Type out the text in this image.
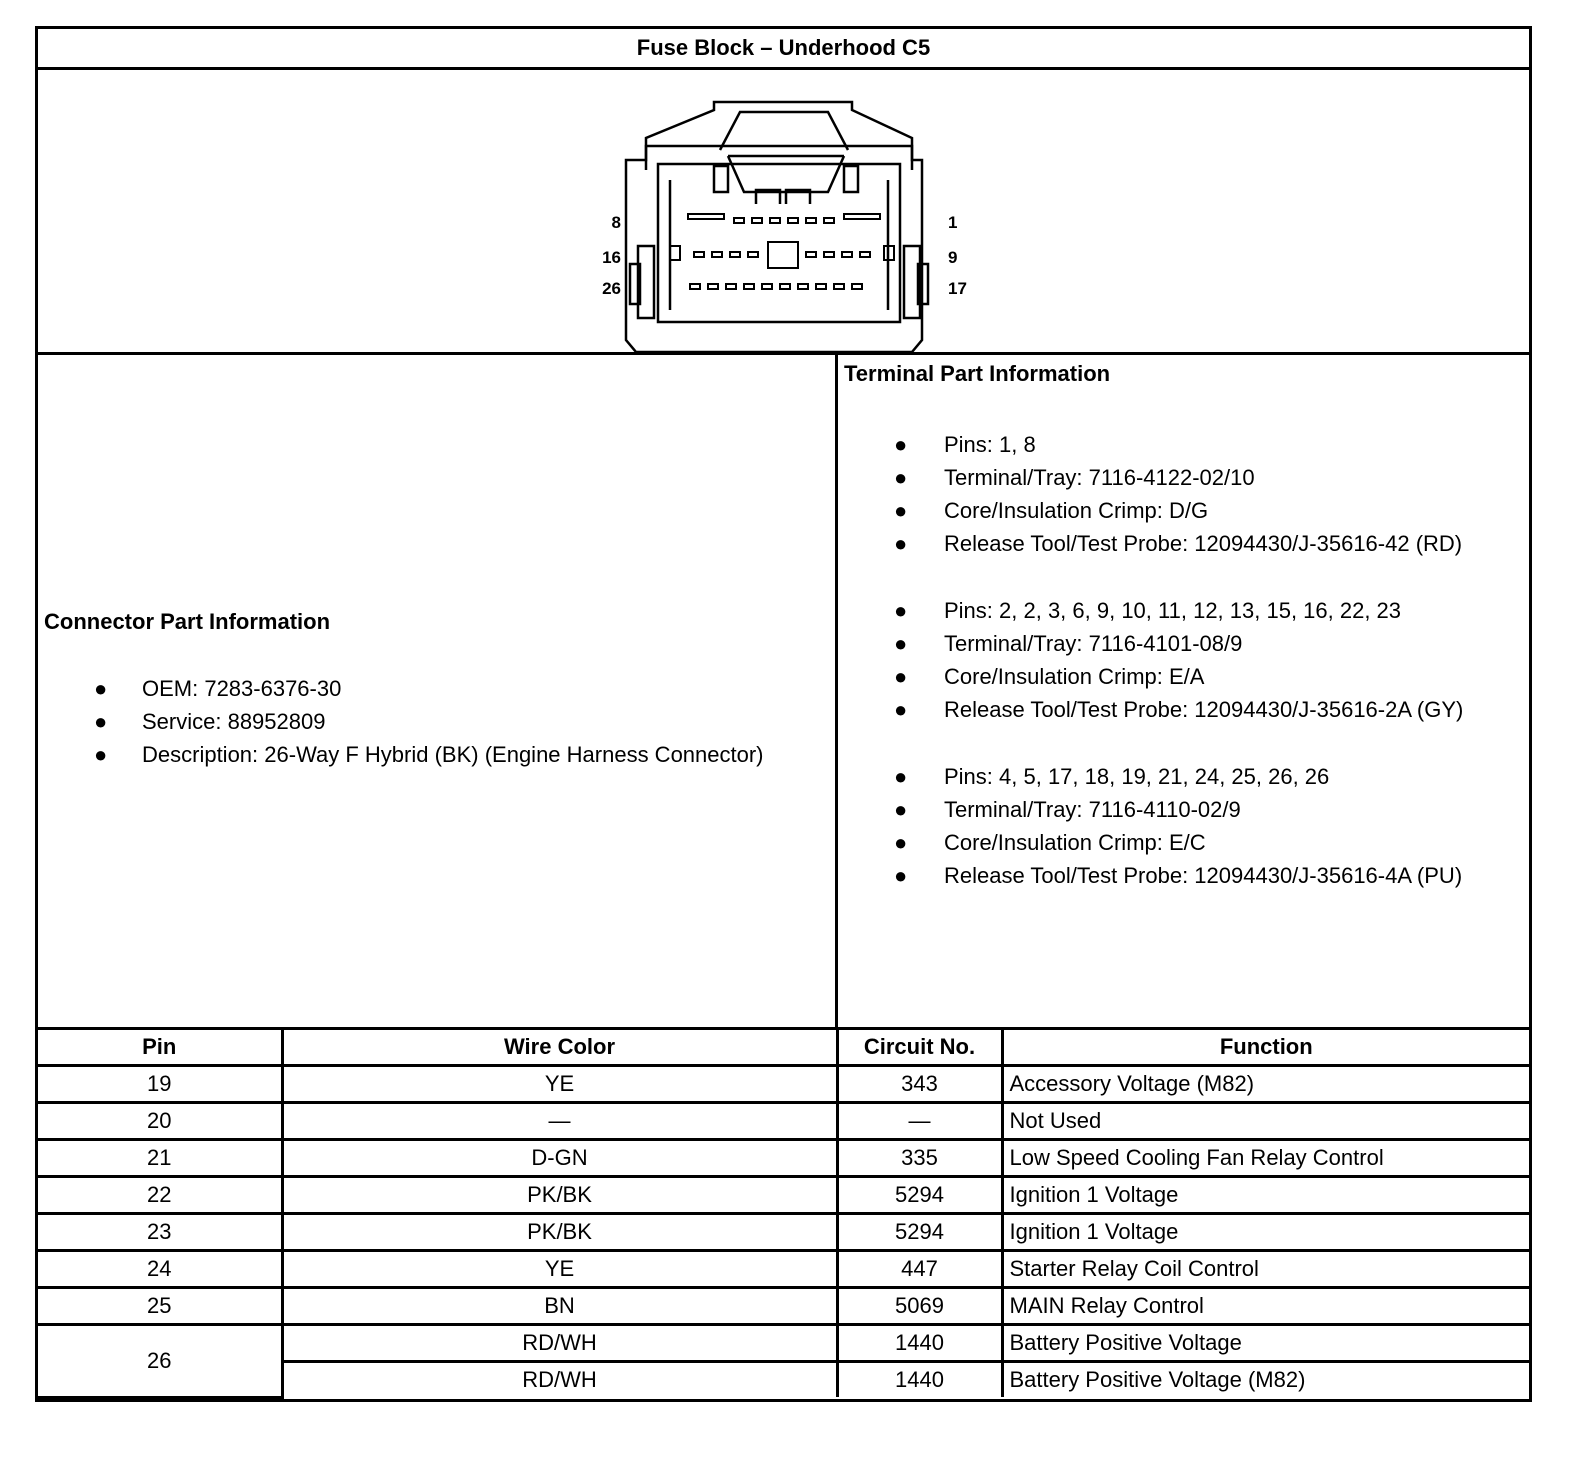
Fuse Block – Underhood C5
8
16
26
1
9
17
Connector Part Information
● OEM: 7283-6376-30
● Service: 88952809
● Description: 26-Way F Hybrid (BK) (Engine Harness Connector)
Terminal Part Information
● Pins: 1, 8
● Terminal/Tray: 7116-4122-02/10
● Core/Insulation Crimp: D/G
● Release Tool/Test Probe: 12094430/J-35616-42 (RD)
● Pins: 2, 2, 3, 6, 9, 10, 11, 12, 13, 15, 16, 22, 23
● Terminal/Tray: 7116-4101-08/9
● Core/Insulation Crimp: E/A
● Release Tool/Test Probe: 12094430/J-35616-2A (GY)
● Pins: 4, 5, 17, 18, 19, 21, 24, 25, 26, 26
● Terminal/Tray: 7116-4110-02/9
● Core/Insulation Crimp: E/C
● Release Tool/Test Probe: 12094430/J-35616-4A (PU)
Pin	Wire Color	Circuit No.	Function
19	YE	343	Accessory Voltage (M82)
20	—	—	Not Used
21	D-GN	335	Low Speed Cooling Fan Relay Control
22	PK/BK	5294	Ignition 1 Voltage
23	PK/BK	5294	Ignition 1 Voltage
24	YE	447	Starter Relay Coil Control
25	BN	5069	MAIN Relay Control
26	RD/WH	1440	Battery Positive Voltage
	RD/WH	1440	Battery Positive Voltage (M82)
